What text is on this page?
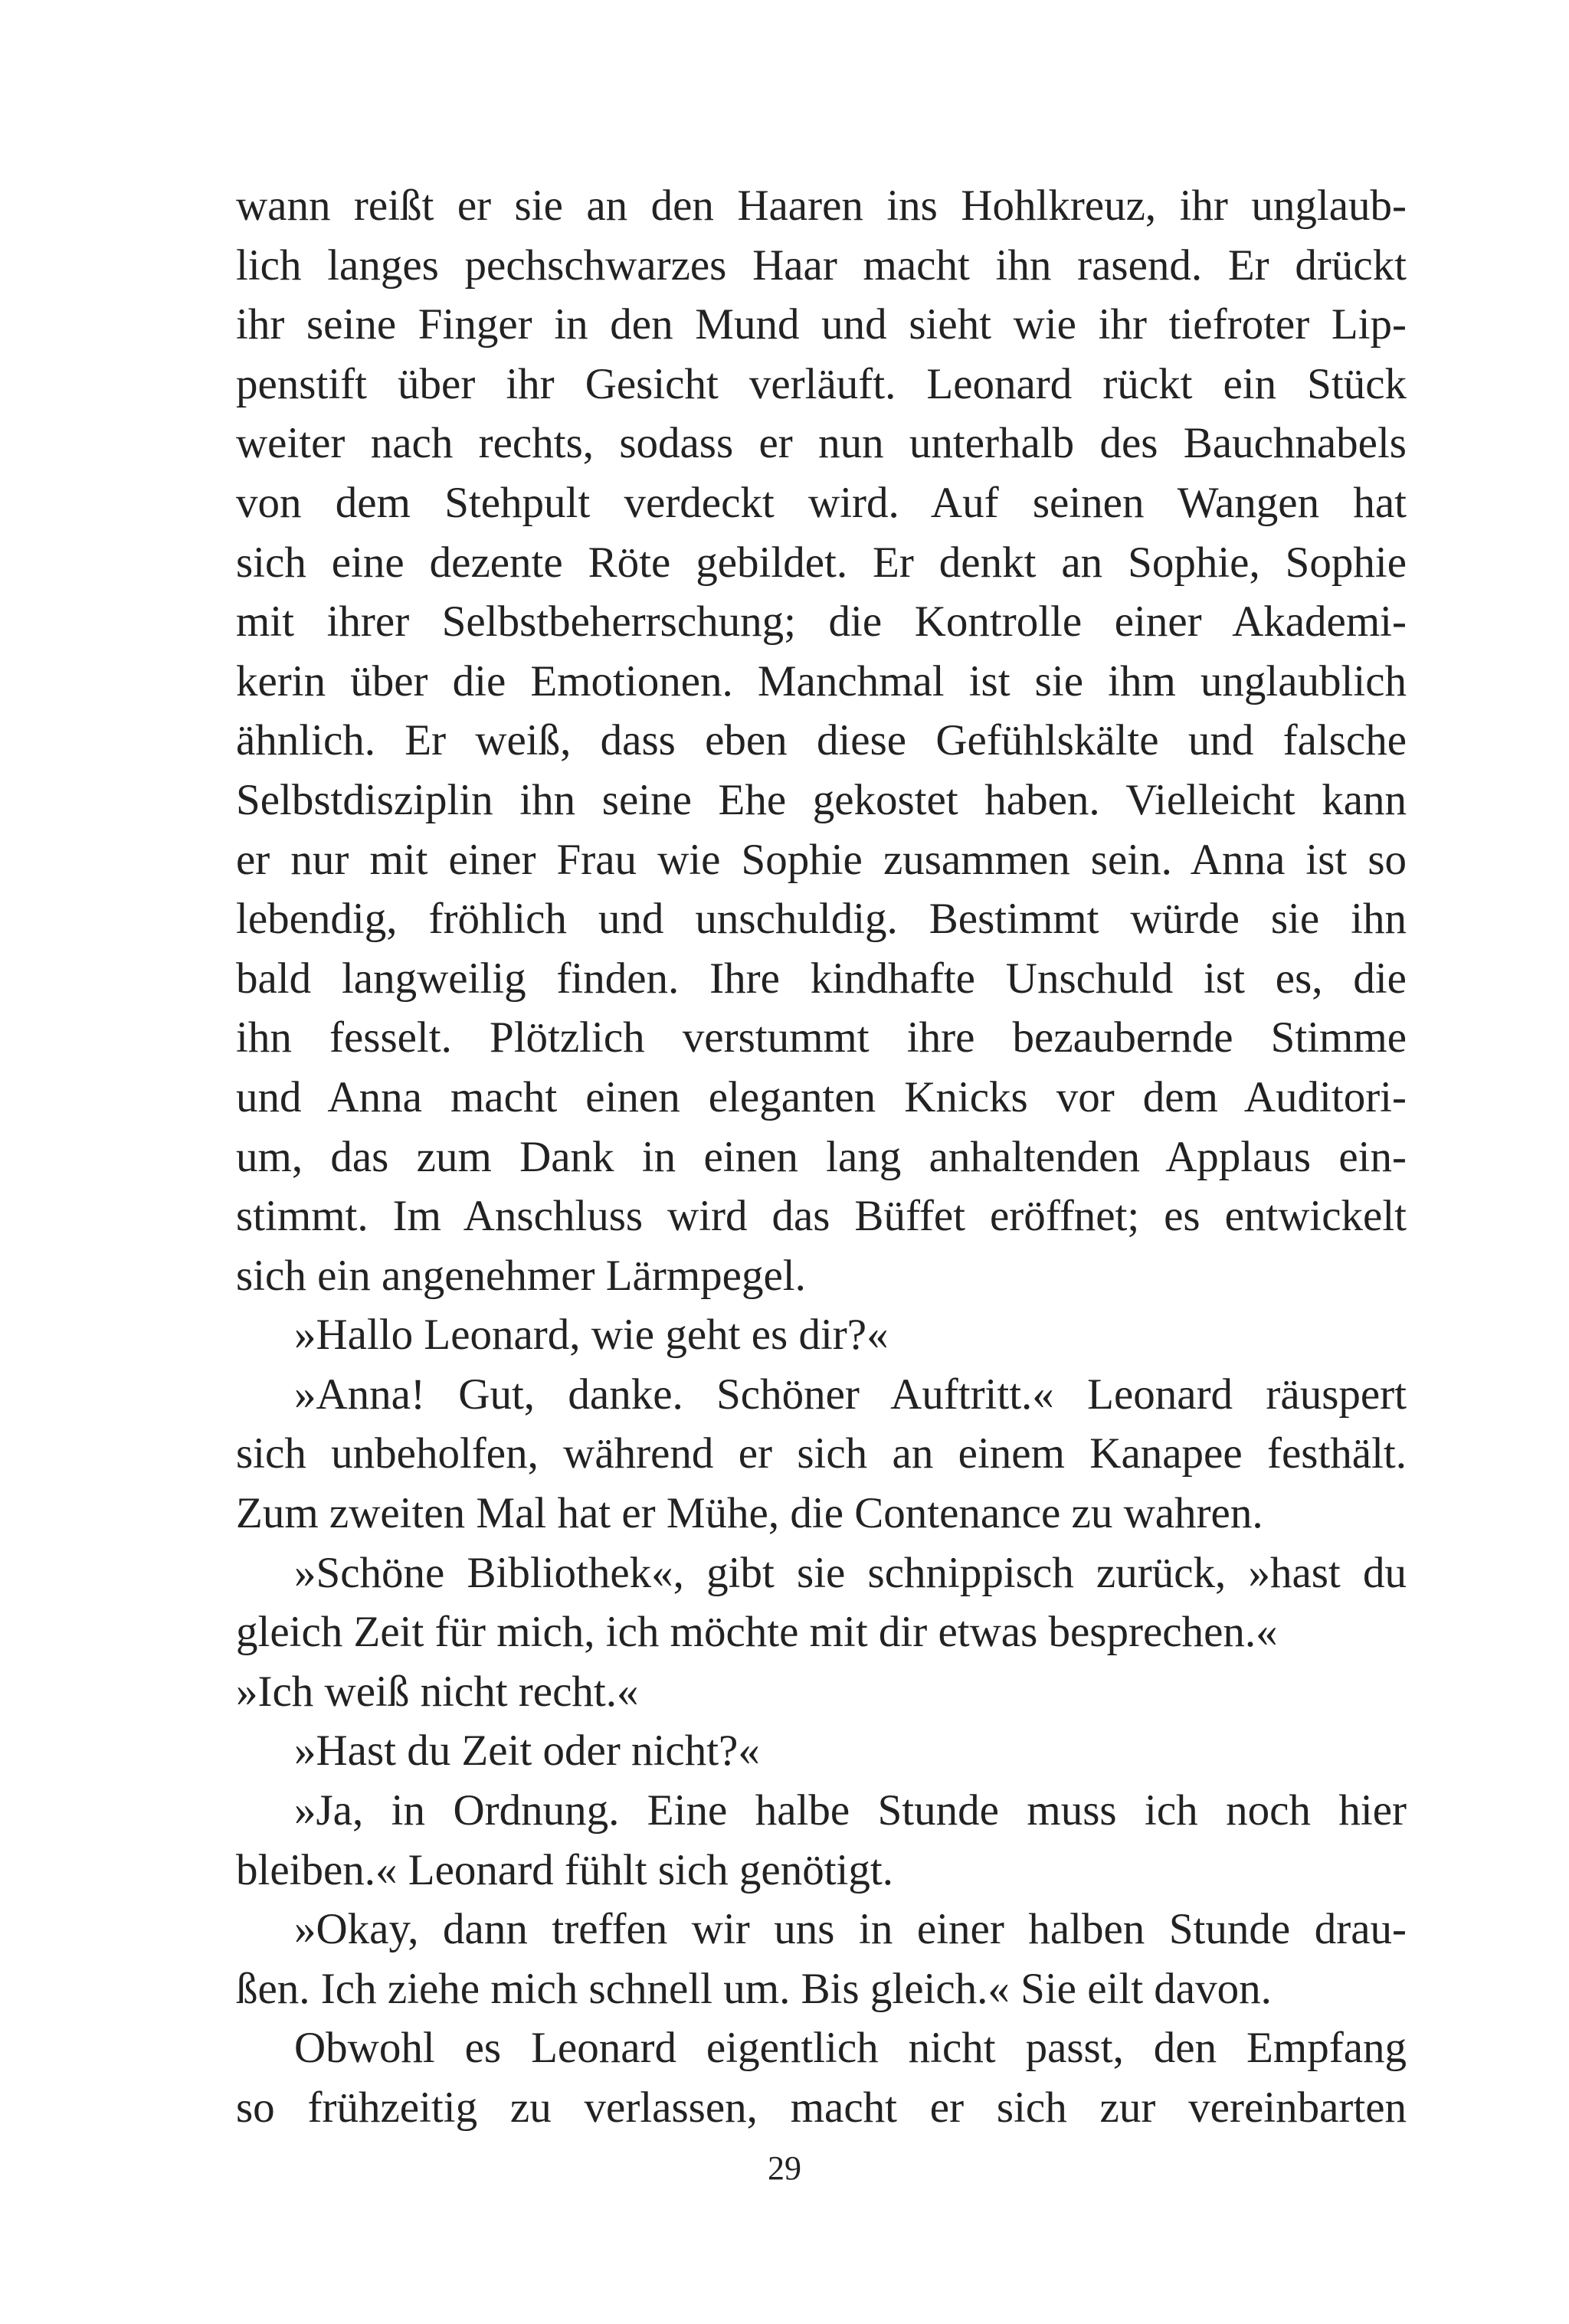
wann reißt er sie an den Haaren ins Hohlkreuz, ihr unglaub-
lich langes pechschwarzes Haar macht ihn rasend. Er drückt
ihr seine Finger in den Mund und sieht wie ihr tiefroter Lip-
penstift über ihr Gesicht verläuft. Leonard rückt ein Stück
weiter nach rechts, sodass er nun unterhalb des Bauchnabels
von dem Stehpult verdeckt wird. Auf seinen Wangen hat
sich eine dezente Röte gebildet. Er denkt an Sophie, Sophie
mit ihrer Selbstbeherrschung; die Kontrolle einer Akademi-
kerin über die Emotionen. Manchmal ist sie ihm unglaublich
ähnlich. Er weiß, dass eben diese Gefühlskälte und falsche
Selbstdisziplin ihn seine Ehe gekostet haben. Vielleicht kann
er nur mit einer Frau wie Sophie zusammen sein. Anna ist so
lebendig, fröhlich und unschuldig. Bestimmt würde sie ihn
bald langweilig finden. Ihre kindhafte Unschuld ist es, die
ihn fesselt. Plötzlich verstummt ihre bezaubernde Stimme
und Anna macht einen eleganten Knicks vor dem Auditori-
um, das zum Dank in einen lang anhaltenden Applaus ein-
stimmt. Im Anschluss wird das Büffet eröffnet; es entwickelt
sich ein angenehmer Lärmpegel.
»Hallo Leonard, wie geht es dir?«
»Anna! Gut, danke. Schöner Auftritt.« Leonard räuspert
sich unbeholfen, während er sich an einem Kanapee festhält.
Zum zweiten Mal hat er Mühe, die Contenance zu wahren.
»Schöne Bibliothek«, gibt sie schnippisch zurück, »hast du
gleich Zeit für mich, ich möchte mit dir etwas besprechen.«
»Ich weiß nicht recht.«
»Hast du Zeit oder nicht?«
»Ja, in Ordnung. Eine halbe Stunde muss ich noch hier
bleiben.« Leonard fühlt sich genötigt.
»Okay, dann treffen wir uns in einer halben Stunde drau-
ßen. Ich ziehe mich schnell um. Bis gleich.« Sie eilt davon.
Obwohl es Leonard eigentlich nicht passt, den Empfang
so frühzeitig zu verlassen, macht er sich zur vereinbarten
29
